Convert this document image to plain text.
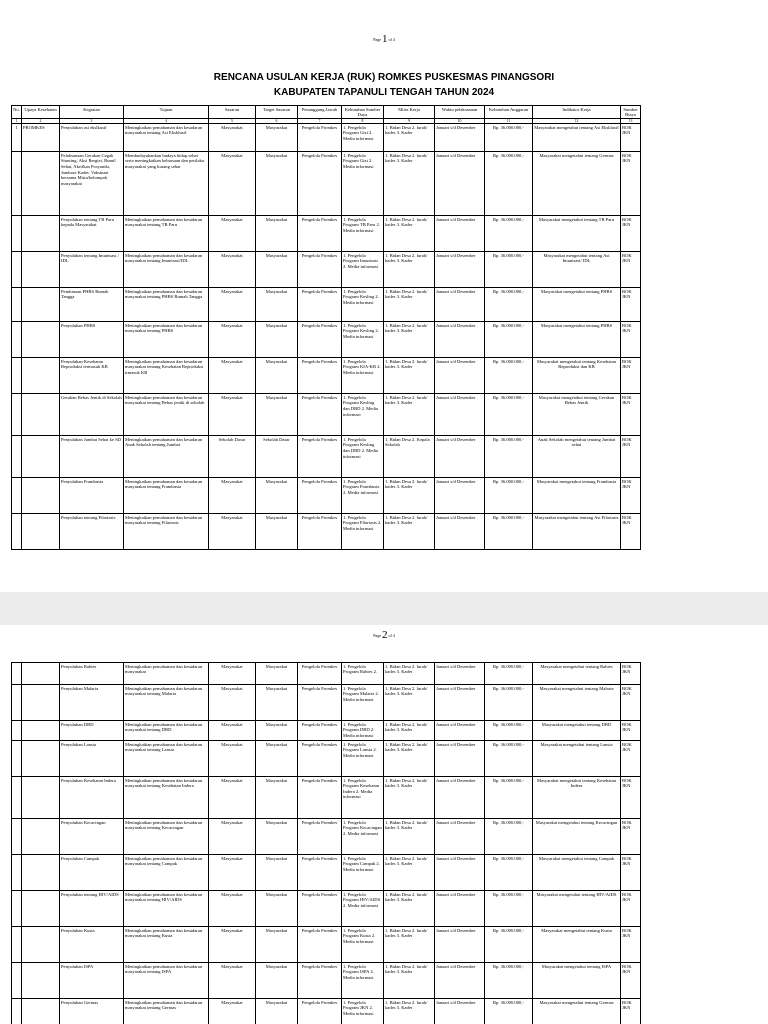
Page 1 of 4
RENCANA USULAN KERJA (RUK) ROMKES PUSKESMAS PINANGSORI
KABUPATEN TAPANULI TENGAH TAHUN 2024
No.	Upaya Kesehatan	Kegiatan	Tujuan	Sasaran	Target Sasaran	Penanggung Jawab	Kebutuhan Sumber Daya	Mitra Kerja	Waktu pelaksanaan	Kebutuhan Anggaran	Indikator Kerja	Sumber Biaya
1	2	3	4	5	6	7	8	9	10	11	12	13
1	PROMKES	Penyuluhan asi ekslkusif	Meningkatkan pemahaman dan kesadaran masyarakat tentang Asi Eksklusif	Masyarakat	Masyarakat	Pengelola Promkes	1. Pengelola Program Gizi 2. Media informasi	1. Bidan Desa 2. lurah/ kades 3. Kader	Januari s/d Desember	Rp. 36.000.000,-	Masyarakat mengetahui tentang Asi Eksklusif	BOK JKN
		Pelaksanaan Gerakan Cegah Stunting, Aksi Bergizi, Bumil Sehat, Akrifkan Posyandu, Jambore Kader, Vaksinasi bersama Mitra/kelompok masyarakat	Membudayakankan budaya hidup sehat serta meningkatkan kebiasaan dan perilaku masyarakat yang kurang sehat	Masyarakat	Masyarakat	Pengelola Promkes	1. Pengelola Program Gizi 2. Media informasi	1. Bidan Desa 2. lurah/ kades 3. Kader	Januari s/d Desember	Rp. 36.000.000,-	Masyarakat mengetahui tentang Germas	BOK JKN
		Penyuluhan tentang TB Paru kepada Masyarakat	Meningkatkan pemahaman dan kesadaran masyarakat tentang TB Paru	Masyarakat	Masyarakat	Pengelola Promkes	1. Pengelola Program TB Paru 2. Media informasi	1. Bidan Desa 2. lurah/ kades 3. Kader	Januari s/d Desember	Rp. 36.000.000,-	Masyarakat mengetahui tentang TB Paru	BOK JKN
		Penyuluhan tentang Imunisasi / IDL	Meningkatkan pemahaman dan kesadaran masyarakat tentang Imunisasi/IDL	Masyarakat	Masyarakat	Pengelola Promkes	1. Pengelola Program Imunisasi 2. Media informasi	1. Bidan Desa 2. lurah/ kades 3. Kader	Januari s/d Desember	Rp. 36.000.000,-	Masyarakat mengetahui tentang Asi Imunisasi/ IDL	BOK JKN
		Pembinaan PHBS Rumah Tangga	Meningkatkan pemahaman dan kesadaran masyarakat tentang PHBS Rumah Tangga	Masyarakat	Masyarakat	Pengelola Promkes	1. Pengelola Program Kesling 2. Media informasi	1. Bidan Desa 2. lurah/ kades 3. Kader	Januari s/d Desember	Rp. 36.000.000,-	Masyarakat mengetahui tentang PHBS	BOK JKN
		Penyuluhan PHBS	Meningkatkan pemahaman dan kesadaran masyarakat tentang PHBS	Masyarakat	Masyarakat	Pengelola Promkes	1. Pengelola Program Kesling 2. Media informasi	1. Bidan Desa 2. lurah/ kades 3. Kader	Januari s/d Desember	Rp. 36.000.000,-	Masyarakat mengetahui tentang PHBS	BOK JKN
		Penyuluhan Kesehatan Reproduksi termasuk KB	Meningkatkan pemahaman dan kesadaran masyarakat tentang Kesehatan Reproduksi trmasuk KB	Masyarakat	Masyarakat	Pengelola Promkes	1. Pengelola Program KIA-KB 2. Media informasi	1. Bidan Desa 2. lurah/ kades 3. Kader	Januari s/d Desember	Rp. 36.000.000,-	Masyarakat mengetahui tentang Kesehatan Reproduksi dan KB	BOK JKN
		Gerakan Bebas Jentik di Sekolah	Meningkatkan pemahaman dan kesadaran masyarakat tentang Bebas jentik di sekolah	Masyarakat	Masyarakat	Pengelola Promkes	1. Pengelola Program Kesling dan DBD 2. Media informasi	1. Bidan Desa 2. lurah/ kades 3. Kader	Januari s/d Desember	Rp. 36.000.000,-	Masyarakat mengetahui tentang Gerakan Bebas Jentik	BOK JKN
		Penyuluhan Jumbat Sehat ke SD	Meningkatkan pemahaman dan kesadaran Anak Sekolah tentang Jumbat	Sekolah Dasar	Sekolah Dasar	Pengelola Promkes	1. Pengelola Program Kesling dan DBD 2. Media informasi	1. Bidan Desa 2. Kepala Sekolah	Januari s/d Desember	Rp. 36.000.000,-	Anak Sekolah mengetahui tentang Jumbat sehat	BOK JKN
		Penyuluhan Frambusia	Meningkatkan pemahaman dan kesadaran masyarakat tentang Frambusia	Masyarakat	Masyarakat	Pengelola Promkes	1. Pengelola Program Frambusia 2. Media informasi	1. Bidan Desa 2. lurah/ kades 3. Kader	Januari s/d Desember	Rp. 36.000.000,-	Masyarakat mengetahui tentang Frambusia	BOK JKN
		Penyuluhan tentang Filariasis	Meningkatkan pemahaman dan kesadaran masyarakat tentang Filariasis	Masyarakat	Masyarakat	Pengelola Promkes	1. Pengelola Program Filariasis 2. Media informasi	1. Bidan Desa 2. lurah/ kades 3. Kader	Januari s/d Desember	Rp. 36.000.000,-	Masyarakat mengetahui tentang Asi Filariasis	BOK JKN
Page 2 of 4
		Penyuluhan Rabies	Meningkatkan pemahaman dan kesadaran masyarakat	Masyarakat	Masyarakat	Pengelola Promkes	1. Pengelola Program Rabies 2.	1. Bidan Desa 2. lurah/ kades 3. Kader	Januari s/d Desember	Rp. 36.000.000,-	Masyarakat mengetahui tentang Rabies	BOK JKN
		Penyuluhan Malaria	Meningkatkan pemahaman dan kesadaran masyarakat tentang Malaria	Masyarakat	Masyarakat	Pengelola Promkes	1. Pengelola Program Malaria 2. Media informasi	1. Bidan Desa 2. lurah/ kades 3. Kader	Januari s/d Desember	Rp. 36.000.000,-	Masyarakat mengetahui tentang Malaria	BOK JKN
		Penyuluhan DBD	Meningkatkan pemahaman dan kesadaran masyarakat tentang DBD	Masyarakat	Masyarakat	Pengelola Promkes	1. Pengelola Program DBD 2. Media informasi	1. Bidan Desa 2. lurah/ kades 3. Kader	Januari s/d Desember	Rp. 36.000.000,-	Masyarakat mengetahui tentang DBD	BOK JKN
		Penyuluhan Lansia	Meningkatkan pemahaman dan kesadaran masyarakat tentang Lansia	Masyarakat	Masyarakat	Pengelola Promkes	1. Pengelola Program Lansia 2. Media informasi	1. Bidan Desa 2. lurah/ kades 3. Kader	Januari s/d Desember	Rp. 36.000.000,-	Masyarakat mengetahui tentang Lansia	BOK JKN
		Penyuluhan Kesehatan Indera	Meningkatkan pemahaman dan kesadaran masyarakat tentang Kesehatan Indera	Masyarakat	Masyarakat	Pengelola Promkes	1. Pengelola Program Kesehatan Indera 2. Media informasi	1. Bidan Desa 2. lurah/ kades 3. Kader	Januari s/d Desember	Rp. 36.000.000,-	Masyarakat mengetahui tentang Kesehatan Indera	BOK JKN
		Penyuluhan Kecacingan	Meningkatkan pemahaman dan kesadaran masyarakat tentang Kecacingan	Masyarakat	Masyarakat	Pengelola Promkes	1. Pengelola Program Kecacingan 2. Media informasi	1. Bidan Desa 2. lurah/ kades 3. Kader	Januari s/d Desember	Rp. 36.000.000,-	Masyarakat mengetahui tentang Kecacingan	BOK JKN
		Penyuluhan Campak	Meningkatkan pemahaman dan kesadaran masyarakat tentang Campak	Masyarakat	Masyarakat	Pengelola Promkes	1. Pengelola Program Campak 2. Media informasi	1. Bidan Desa 2. lurah/ kades 3. Kader	Januari s/d Desember	Rp. 36.000.000,-	Masyarakat mengetahui tentang Campak	BOK JKN
		Penyuluhan tentang HIV/AIDS	Meningkatkan pemahaman dan kesadaran masyarakat tentang HIV/AIDS	Masyarakat	Masyarakat	Pengelola Promkes	1. Pengelola Program HIV/AIDS 2. Media informasi	1. Bidan Desa 2. lurah/ kades 3. Kader	Januari s/d Desember	Rp. 36.000.000,-	Masyarakat mengetahui tentang HIV/AIDS	BOK JKN
		Penyuluhan Kusta	Meningkatkan pemahaman dan kesadaran masyarakat tentang Kusta	Masyarakat	Masyarakat	Pengelola Promkes	1. Pengelola Program Kusta 2. Media informasi	1. Bidan Desa 2. lurah/ kades 3. Kader	Januari s/d Desember	Rp. 36.000.000,-	Masyarakat mengetahui tentang Kusta	BOK JKN
		Penyuluhan ISPA	Meningkatkan pemahaman dan kesadaran masyarakat tentang ISPA	Masyarakat	Masyarakat	Pengelola Promkes	1. Pengelola Program ISPA 2. Media informasi	1. Bidan Desa 2. lurah/ kades 3. Kader	Januari s/d Desember	Rp. 36.000.000,-	Masyarakat mengetahui tentang ISPA	BOK JKN
		Penyuluhan Germas	Meningkatkan pemahaman dan kesadaran masyarakat tentang Germas	Masyarakat	Masyarakat	Pengelola Promkes	1. Pengelola Program JKN 2. Media informasi	1. Bidan Desa 2. lurah/ kades 3. Kader	Januari s/d Desember	Rp. 36.000.000,-	Masyarakat mengetahui tentang Germas	BOK JKN
